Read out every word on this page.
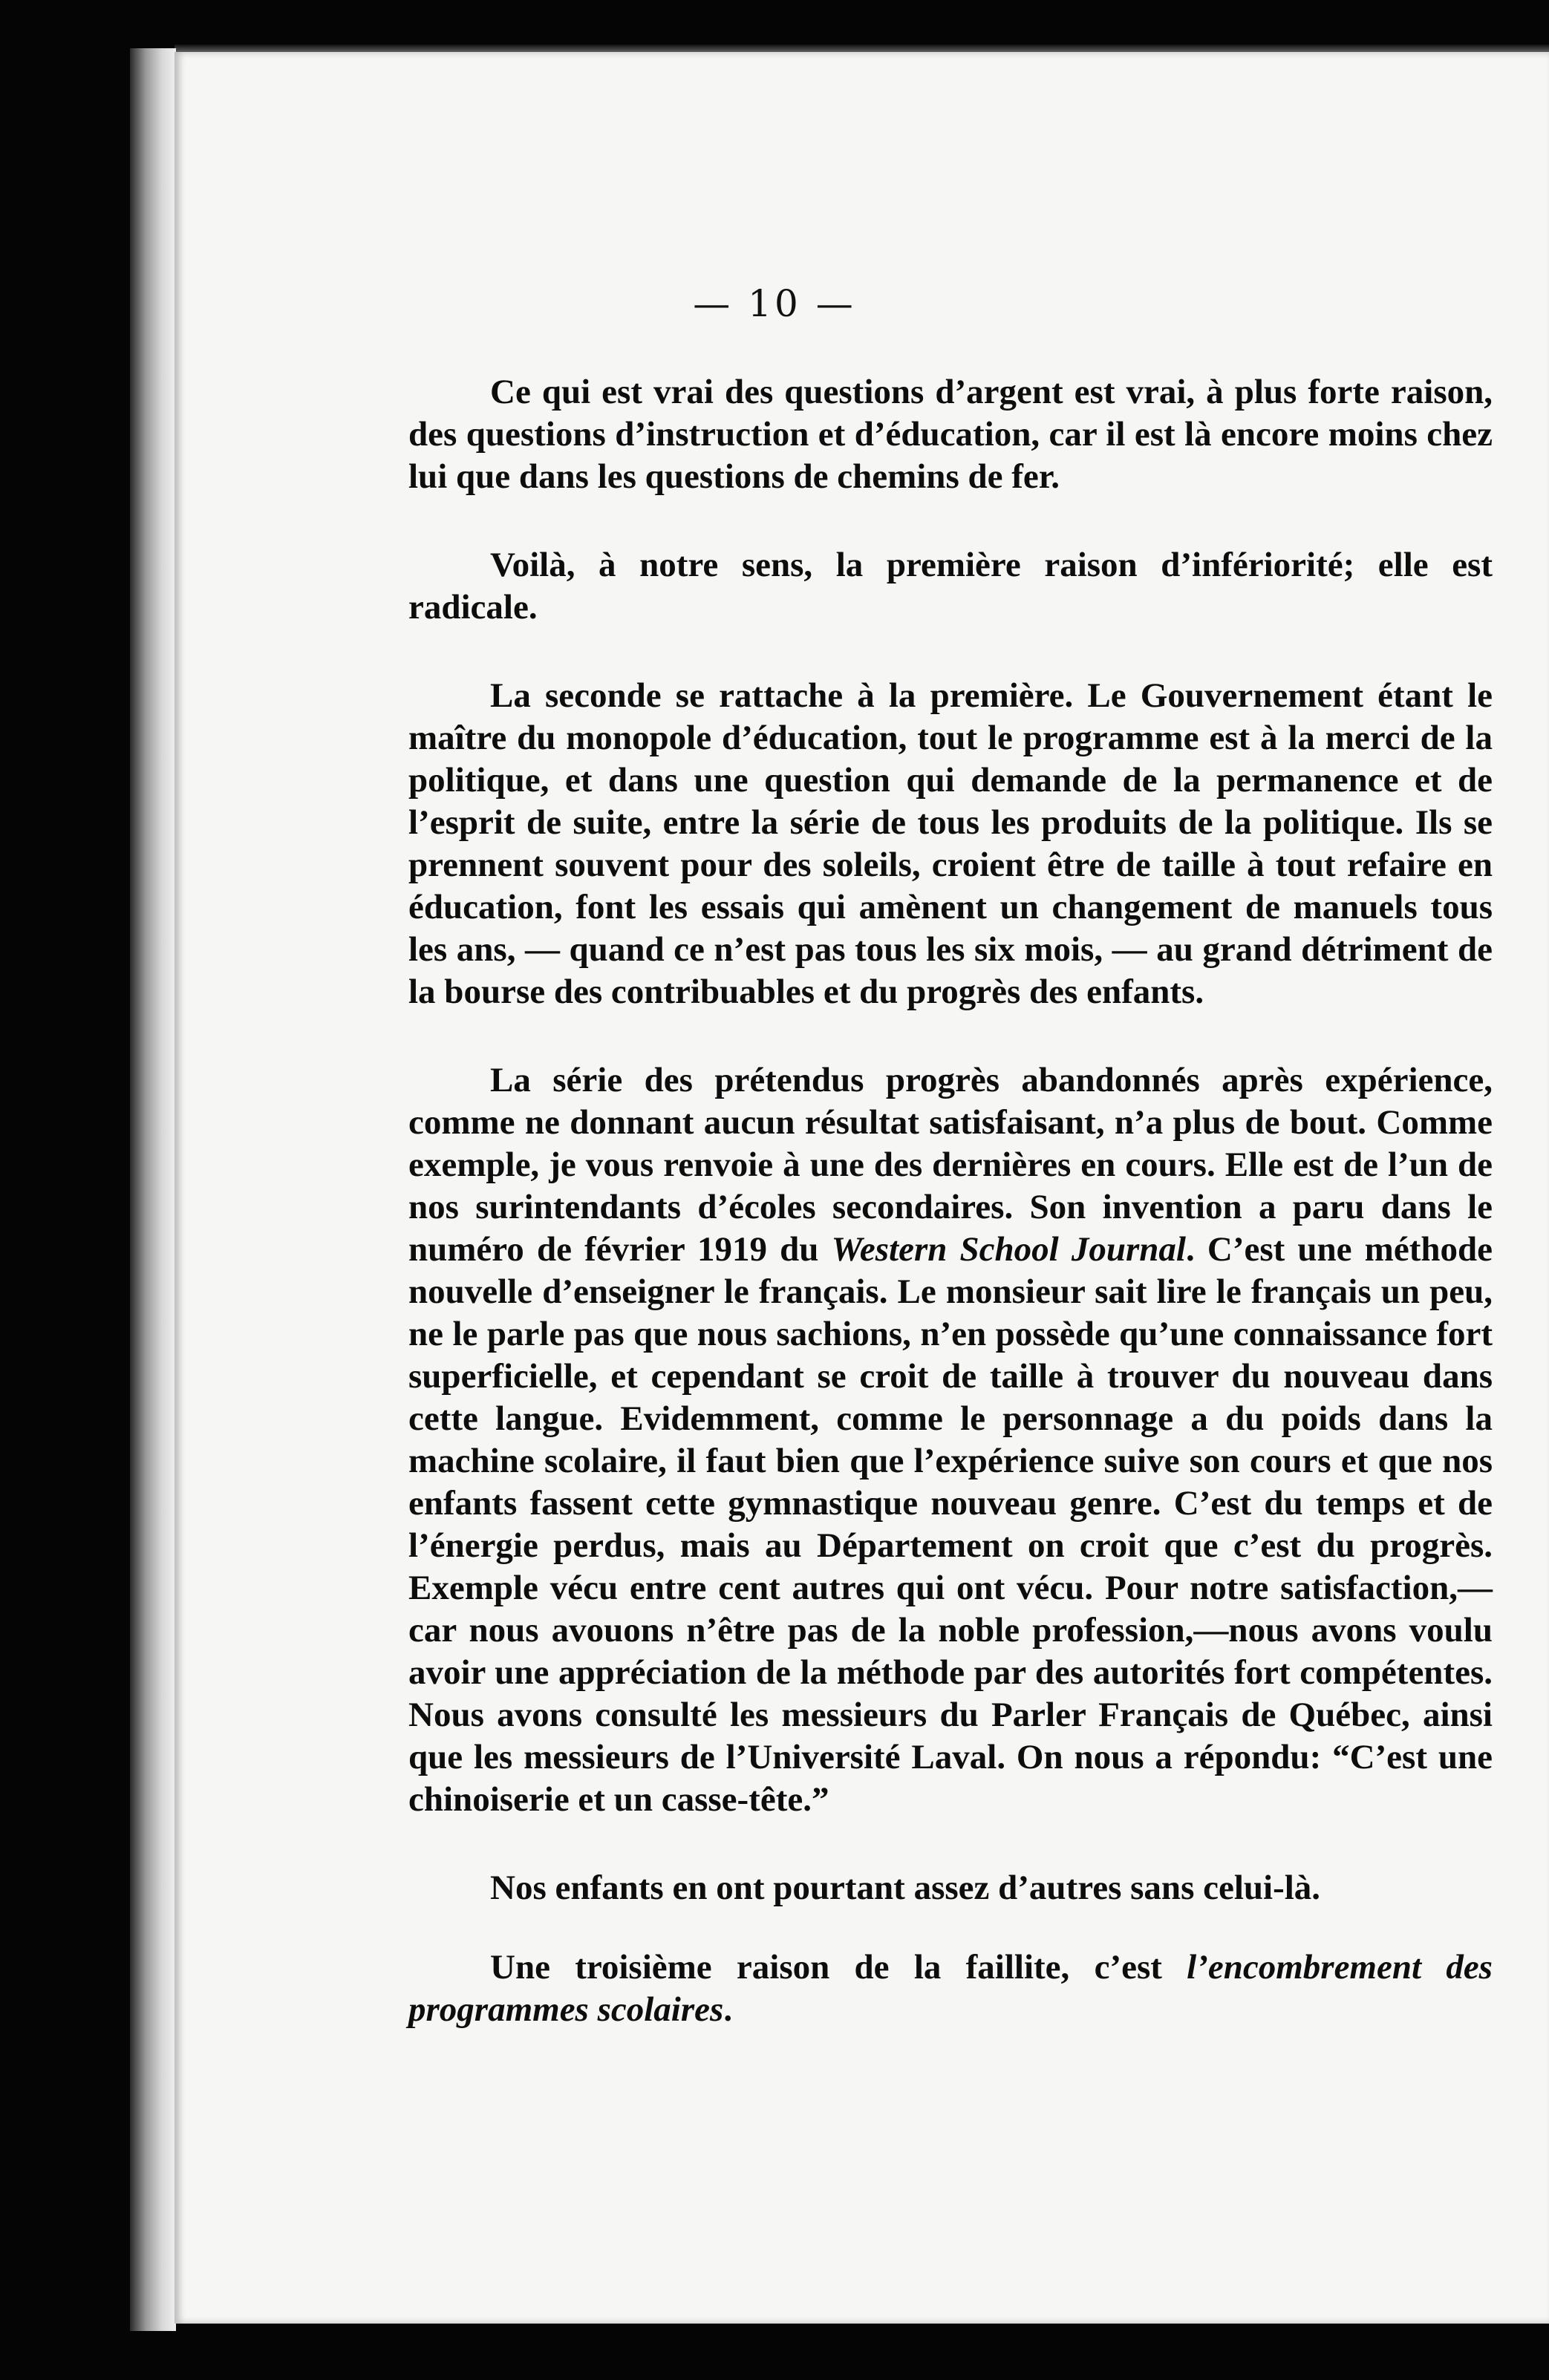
— 10 —

Ce qui est vrai des questions d’argent est vrai, à plus forte raison, des questions d’instruction et d’éducation, car il est là encore moins chez lui que dans les questions de chemins de fer.

Voilà, à notre sens, la première raison d’infériorité; elle est radicale.

La seconde se rattache à la première. Le Gouvernement étant le maître du monopole d’éducation, tout le programme est à la merci de la politique, et dans une question qui demande de la permanence et de l’esprit de suite, entre la série de tous les produits de la politique. Ils se prennent souvent pour des soleils, croient être de taille à tout refaire en éducation, font les essais qui amènent un changement de manuels tous les ans, — quand ce n’est pas tous les six mois, — au grand détriment de la bourse des contribuables et du progrès des enfants.

La série des prétendus progrès abandonnés après expérience, comme ne donnant aucun résultat satisfaisant, n’a plus de bout. Comme exemple, je vous renvoie à une des dernières en cours. Elle est de l’un de nos surintendants d’écoles secondaires. Son invention a paru dans le numéro de février 1919 du Western School Journal. C’est une méthode nouvelle d’enseigner le français. Le monsieur sait lire le français un peu, ne le parle pas que nous sachions, n’en possède qu’une connaissance fort superficielle, et cependant se croit de taille à trouver du nouveau dans cette langue. Evidemment, comme le personnage a du poids dans la machine scolaire, il faut bien que l’expérience suive son cours et que nos enfants fassent cette gymnastique nouveau genre. C’est du temps et de l’énergie perdus, mais au Département on croit que c’est du progrès. Exemple vécu entre cent autres qui ont vécu. Pour notre satisfaction,—car nous avouons n’être pas de la noble profession,—nous avons voulu avoir une appréciation de la méthode par des autorités fort compétentes. Nous avons consulté les messieurs du Parler Français de Québec, ainsi que les messieurs de l’Université Laval. On nous a répondu: “C’est une chinoiserie et un casse-tête.”

Nos enfants en ont pourtant assez d’autres sans celui-là.

Une troisième raison de la faillite, c’est l’encombrement des programmes scolaires.
